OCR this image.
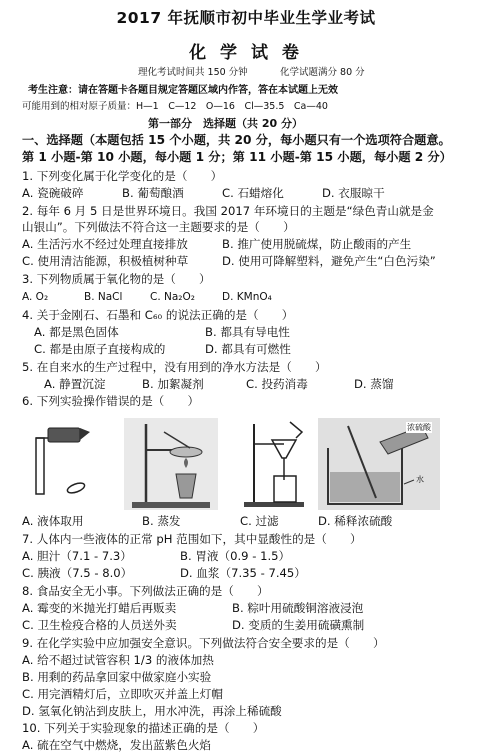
2017 年抚顺市初中毕业生学业考试
化 学 试 卷
理化考试时间共 150 分钟	化学试题满分 80 分
考生注意：请在答题卡各题目规定答题区域内作答，答在本试题上无效
可能用到的相对原子质量：H—1　C—12　O—16　Cl—35.5　Ca—40
第一部分　选择题（共 20 分）
一、选择题（本题包括 15 个小题，共 20 分，每小题只有一个选项符合题意。
第 1 小题-第 10 小题，每小题 1 分；第 11 小题-第 15 小题，每小题 2 分）
1. 下列变化属于化学变化的是（　　）
A. 瓷碗破碎	B. 葡萄酿酒	C. 石蜡熔化	D. 衣服晾干
2. 每年 6 月 5 日是世界环境日。我国 2017 年环境日的主题是“绿色青山就是金
山银山”。下列做法不符合这一主题要求的是（　　）
A. 生活污水不经过处理直接排放	B. 推广使用脱硫煤，防止酸雨的产生
C. 使用清洁能源，积极植树种草	D. 使用可降解塑料，避免产生“白色污染”
3. 下列物质属于氧化物的是（　　）
A. O₂	B. NaCl	C. Na₂O₂	D. KMnO₄
4. 关于金刚石、石墨和 C₆₀ 的说法正确的是（　　）
A. 都是黑色固体	B. 都具有导电性
C. 都是由原子直接构成的	D. 都具有可燃性
5. 在自来水的生产过程中，没有用到的净水方法是（　　）
A. 静置沉淀	B. 加絮凝剂	C. 投药消毒	D. 蒸馏
6. 下列实验操作错误的是（　　）
浓硫酸
水
A. 液体取用	B. 蒸发	C. 过滤	D. 稀释浓硫酸
7. 人体内一些液体的正常 pH 范围如下，其中显酸性的是（　　）
A. 胆汁（7.1 - 7.3）	B. 胃液（0.9 - 1.5）
C. 胰液（7.5 - 8.0）	D. 血浆（7.35 - 7.45）
8. 食品安全无小事。下列做法正确的是（　　）
A. 霉变的米抛光打蜡后再贩卖	B. 粽叶用硫酸铜溶液浸泡
C. 卫生检疫合格的人员送外卖	D. 变质的生姜用硫磺熏制
9. 在化学实验中应加强安全意识。下列做法符合安全要求的是（　　）
A. 给不超过试管容积 1/3 的液体加热
B. 用剩的药品拿回家中做家庭小实验
C. 用完酒精灯后，立即吹灭并盖上灯帽
D. 氢氧化钠沾到皮肤上，用水冲洗，再涂上稀硫酸
10. 下列关于实验现象的描述正确的是（　　）
A. 硫在空气中燃烧，发出蓝紫色火焰
